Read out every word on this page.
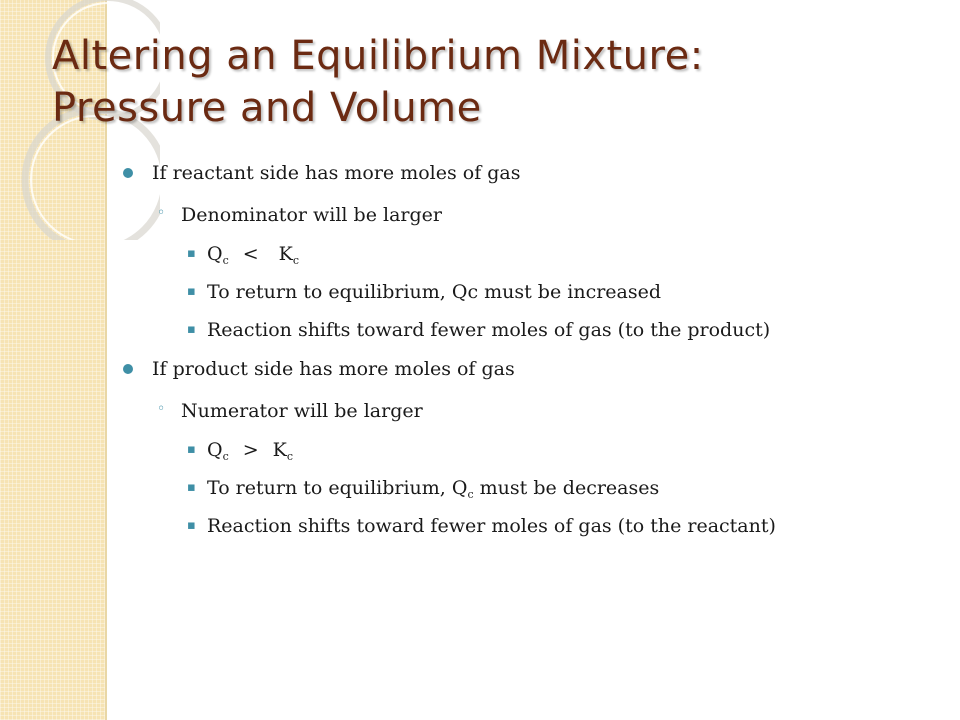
Altering an Equilibrium Mixture:
Pressure and Volume
If reactant side has more moles of gas
◦ Denominator will be larger
▪ $Q_c < K_c$
▪ To return to equilibrium, Qc must be increased
▪ Reaction shifts toward fewer moles of gas (to the product)
If product side has more moles of gas
◦ Numerator will be larger
▪ $Q_c > K_c$
▪ To return to equilibrium, $Q_c$ must be decreases
▪ Reaction shifts toward fewer moles of gas (to the reactant)
